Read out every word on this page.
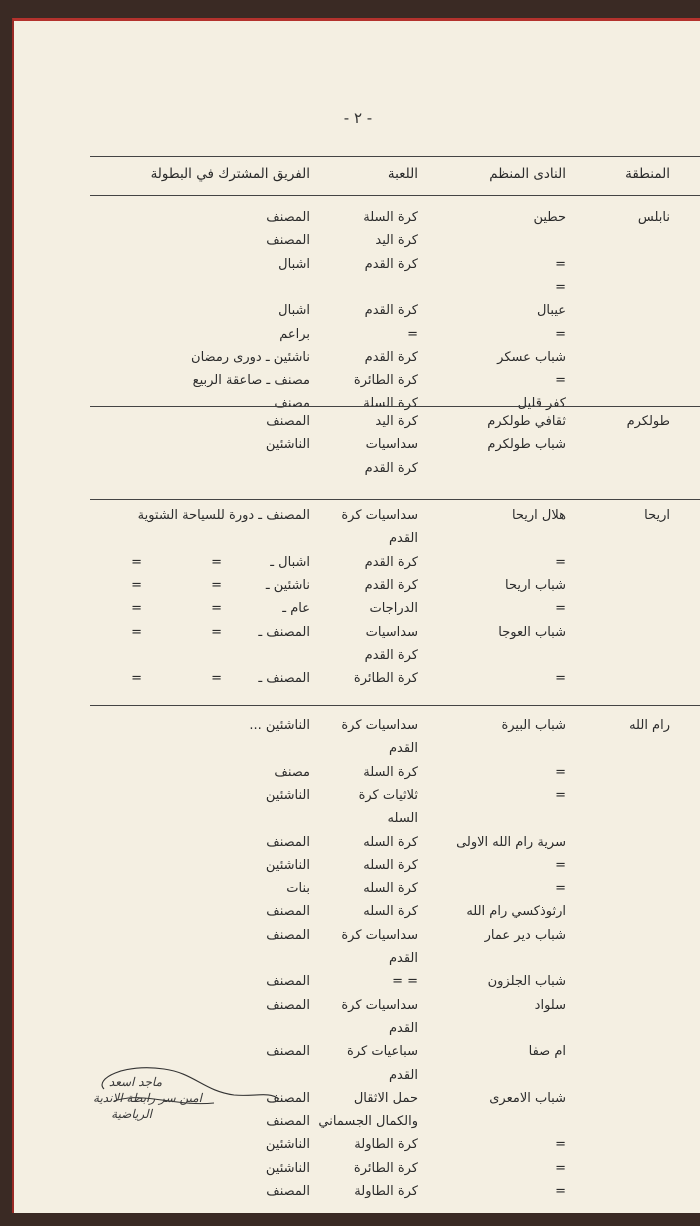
- ٢ -
المنطقة
النادى المنظم
اللعبة
الفريق المشترك في البطولة
نابلس
حطين
كرة السلة
المصنف
كرة اليد
المصنف
=
كرة القدم
اشبال
=
عيبال
كرة القدم
اشبال
=
=
براعم
شباب عسكر
كرة القدم
ناشئين ـ دورى رمضان
=
كرة الطائرة
مصنف ـ صاعقة الربيع
كفر قليل
كرة السلة
مصنف
طولكرم
ثقافي طولكرم
كرة اليد
المصنف
شباب طولكرم
سداسيات
الناشئين
كرة القدم
اريحا
هلال اريحا
سداسيات كرة
المصنف ـ دورة للسياحة الشتوية
القدم
=
كرة القدم
اشبال ـ
=
=
شباب اريحا
كرة القدم
ناشئين ـ
=
=
=
الدراجات
عام ـ
=
=
شباب العوجا
سداسيات
المصنف ـ
=
=
كرة القدم
=
كرة الطائرة
المصنف ـ
=
=
رام الله
شباب البيرة
سداسيات كرة
الناشئين ...
القدم
=
كرة السلة
مصنف
=
ثلاثيات كرة
الناشئين
السله
سرية رام الله الاولى
كرة السله
المصنف
=
كرة السله
الناشئين
=
كرة السله
بنات
ارثوذكسي رام الله
كرة السله
المصنف
شباب دير عمار
سداسيات كرة
المصنف
القدم
شباب الجلزون
= =
المصنف
سلواد
سداسيات كرة
المصنف
القدم
ام صفا
سباعيات كرة
المصنف
القدم
شباب الامعرى
حمل الاثقال
المصنف
والكمال الجسماني
المصنف
=
كرة الطاولة
الناشئين
=
كرة الطائرة
الناشئين
=
كرة الطاولة
المصنف
ماجد اسعد
امين سر رابطة الاندية
الرياضية
